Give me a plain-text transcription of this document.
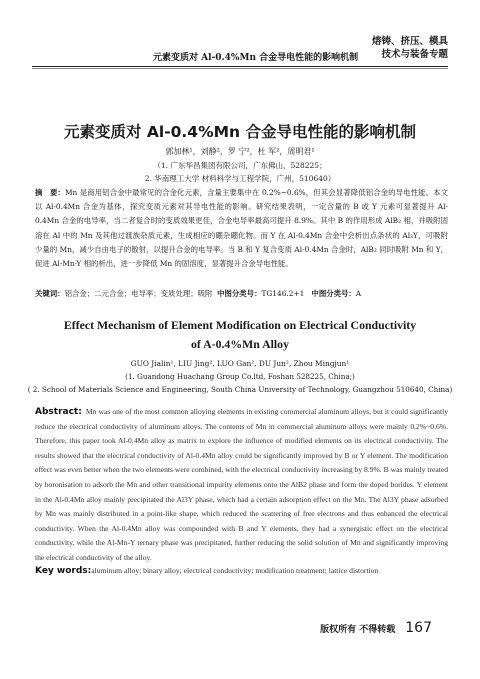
元素变质对 Al-0.4%Mn 合金导电性能的影响机制
熔铸、挤压、模具
技术与装备专题
元素变质对 Al-0.4%Mn 合金导电性能的影响机制
郭加林¹，刘静²，罗 宁²，杜 军²，周明君¹
（1. 广东华昌集团有限公司，广东佛山，528225；
2. 华南理工大学 材料科学与工程学院，广州，510640）
摘　要：Mn 是商用铝合金中最常见的合金化元素，含量主要集中在 0.2%~0.6%，但其会显著降低铝合金的导电性能。本文以 Al-0.4Mn 合金为基体，探究变质元素对其导电性能的影响。研究结果表明，一定含量的 B 或 Y 元素可显著提升 Al-0.4Mn 合金的电导率，当二者复合时的变质效果更佳，合金电导率最高可提升 8.9%。其中 B 的作用形成 AlB₂ 相，并吸附固溶在 Al 中的 Mn 及其他过渡族杂质元素，生成相应的硼杂硼化物。而 Y 在 Al-0.4Mn 合金中会析出点条状的 Al₃Y，可吸附少量的 Mn，减少自由电子的散射，以提升合金的电导率。当 B 和 Y 复合变质 Al-0.4Mn 合金时，AlB₂ 同时吸附 Mn 和 Y，促进 Al-Mn-Y 相的析出，进一步降低 Mn 的固溶度，显著提升合金导电性能。
关键词：铝合金；二元合金；电导率；变质处理；吸附 中图分类号：TG146.2+1 中图分类号：A
Effect Mechanism of Element Modification on Electrical Conductivity
of A-0.4%Mn Alloy
GUO Jialin¹, LIU Jing², LUO Gan², DU Jun², Zhou Mingjun¹
(1. Guandong Huachang Group Co.ltd, Foshan 528225, China;)
( 2. School of Materials Science and Engineering, South China University of Technology, Guangzhou 510640, China)
Abstract: Mn was one of the most common alloying elements in existing commercial aluminum alloys, but it could significantly reduce the electrical conductivity of aluminum alloys. The contents of Mn in commercial aluminum alloys were mainly 0.2%~0.6%. Therefore, this paper took Al-0.4Mn alloy as matrix to explore the influence of modified elements on its electrical conductivity. The results showed that the electrical conductivity of Al-0.4Mn alloy could be significantly improved by B or Y element. The modification effect was even better when the two elements were combined, with the electrical conductivity increasing by 8.9%. B was mainly treated by boronisation to adsorb the Mn and other transitional impurity elements onto the AlB2 phase and form the doped borides. Y element in the Al-0.4Mn alloy mainly precipitated the Al3Y phase, which had a certain adsorption effect on the Mn. The Al3Y phase adsorbed by Mn was mainly distributed in a point-like shape, which reduced the scattering of free electrons and thus enhanced the electrical conductivity. When the Al-0.4Mn alloy was compounded with B and Y elements, they had a synergistic effect on the electrical conductivity, while the Al-Mn-Y ternary phase was precipitated, further reducing the solid solution of Mn and significantly improving the electrical conductivity of the alloy.
Key words:aluminum alloy; binary alloy; electrical conductivity; modification treatment; lattice distortion
版权所有 不得转载 167
